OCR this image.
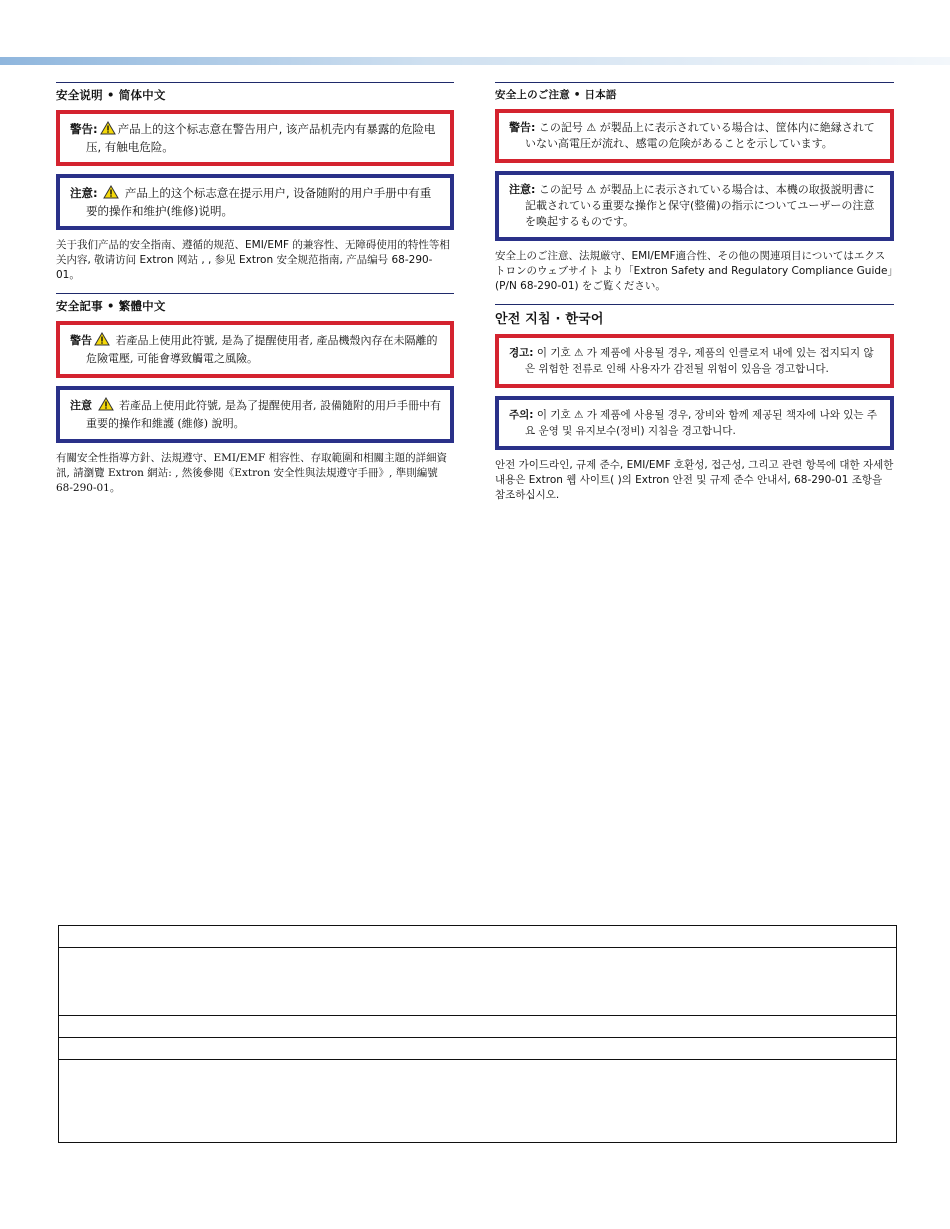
安全说明 • 简体中文
警告: 产品上的这个标志意在警告用户, 该产品机壳内有暴露的危险电压, 有触电危险。
注意: 产品上的这个标志意在提示用户, 设备随附的用户手册中有重要的操作和维护(维修)说明。

关于我们产品的安全指南、遵循的规范、EMI/EMF 的兼容性、无障碍使用的特性等相关内容, 敬请访问 Extron 网站 , , 参见 Extron 安全规范指南, 产品编号 68-290-01。

安全記事 • 繁體中文
警告 若產品上使用此符號, 是為了提醒使用者, 產品機殼內存在未隔離的危險電壓, 可能會導致觸電之風險。
注意 若產品上使用此符號, 是為了提醒使用者, 設備隨附的用戶手冊中有重要的操作和維護 (維修) 說明。

有關安全性指導方針、法規遵守、EMI/EMF 相容性、存取範圍和相關主題的詳細資訊, 請瀏覽 Extron 網站: , 然後參閱《Extron 安全性與法規遵守手冊》, 準則編號 68-290-01。

安全上のご注意 • 日本語
警告: この記号 ⚠ が製品上に表示されている場合は、筐体内に絶縁されていない高電圧が流れ、感電の危険があることを示しています。
注意: この記号 ⚠ が製品上に表示されている場合は、本機の取扱説明書に記載されている重要な操作と保守(整備)の指示についてユーザーの注意を喚起するものです。

安全上のご注意、法規厳守、EMI/EMF適合性、その他の関連項目についてはエクストロンのウェブサイト より「Extron Safety and Regulatory Compliance Guide」(P/N 68-290-01) をご覧ください。

안전 지침 · 한국어
경고: 이 기호 ⚠ 가 제품에 사용될 경우, 제품의 인클로저 내에 있는 접지되지 않은 위험한 전류로 인해 사용자가 감전될 위험이 있음을 경고합니다.
주의: 이 기호 ⚠ 가 제품에 사용될 경우, 장비와 함께 제공된 책자에 나와 있는 주요 운영 및 유지보수(정비) 지침을 경고합니다.

안전 가이드라인, 규제 준수, EMI/EMF 호환성, 접근성, 그리고 관련 항목에 대한 자세한 내용은 Extron 웹 사이트( )의 Extron 안전 및 규제 준수 안내서, 68-290-01 조항을 참조하십시오.
